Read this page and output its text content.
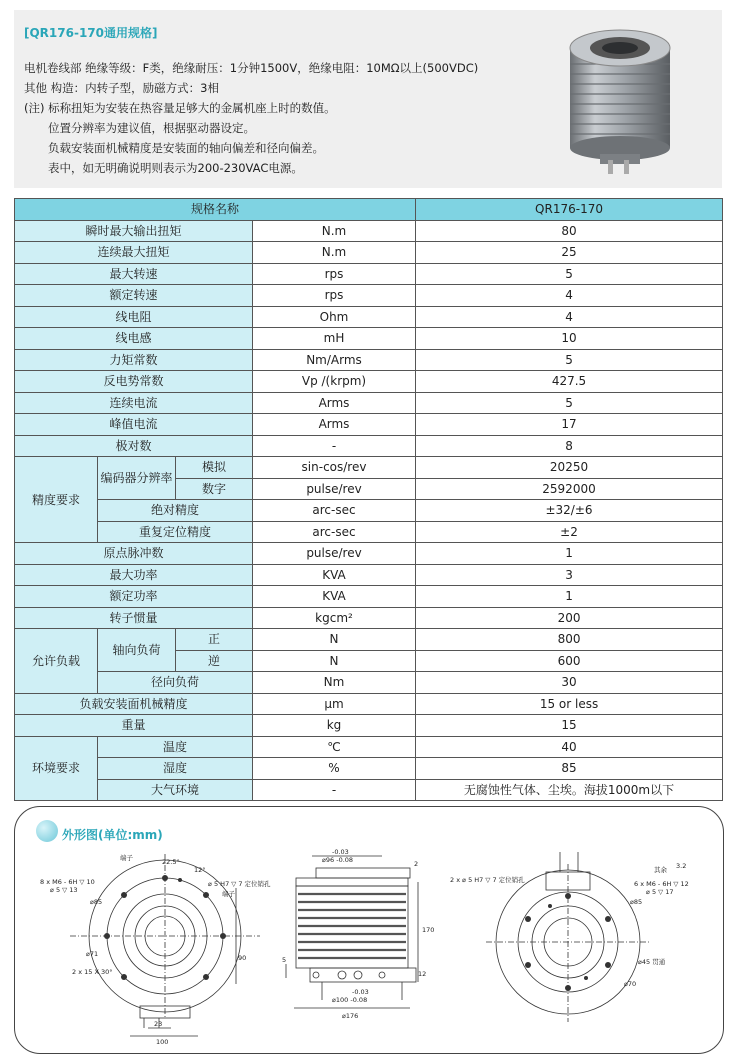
[QR176-170通用规格]
电机卷线部 绝缘等级：F类，绝缘耐压：1分钟1500V，绝缘电阻：10MΩ以上(500VDC)
其他 构造：内转子型，励磁方式：3相
(注) 标称扭矩为安装在热容量足够大的金属机座上时的数值。
位置分辨率为建议值，根据驱动器设定。
负载安装面机械精度是安装面的轴向偏差和径向偏差。
表中，如无明确说明则表示为200-230VAC电源。
规格名称				QR176-170
瞬时最大输出扭矩			N.m	80
连续最大扭矩			N.m	25
最大转速			rps	5
额定转速			rps	4
线电阻			Ohm	4
线电感			mH	10
力矩常数			Nm/Arms	5
反电势常数			Vp /(krpm)	427.5
连续电流			Arms	5
峰值电流			Arms	17
极对数			-	8
精度要求	编码器分辨率	模拟	sin-cos/rev	20250
		数字	pulse/rev	2592000
	绝对精度		arc-sec	±32/±6
	重复定位精度		arc-sec	±2
原点脉冲数			pulse/rev	1
最大功率			KVA	3
额定功率			KVA	1
转子惯量			kgcm²	200
允许负载	轴向负荷	正	N	800
		逆	N	600
	径向负荷		Nm	30
负载安装面机械精度			µm	15 or less
重量			kg	15
环境要求	温度		℃	40
	湿度		%	85
	大气环境		-	无腐蚀性气体、尘埃。海拔1000m以下
外形图(单位:mm)
端子	22.5°
12°
8 x M6 - 6H ▽ 10
⌀ 5 ▽ 13
⌀ 5 H7 ▽ 7 定位销孔
端子
⌀85
⌀71	90
2 x 15 X 30°
23
100
-0.03
⌀96 -0.08	2
170
12
5
-0.03
⌀100 -0.08
⌀176
其余 3.2
2 x ⌀ 5 H7 ▽ 7 定位销孔	6 x M6 - 6H ▽ 12
⌀ 5 ▽ 17
⌀85
⌀45 贯通
⌀70
